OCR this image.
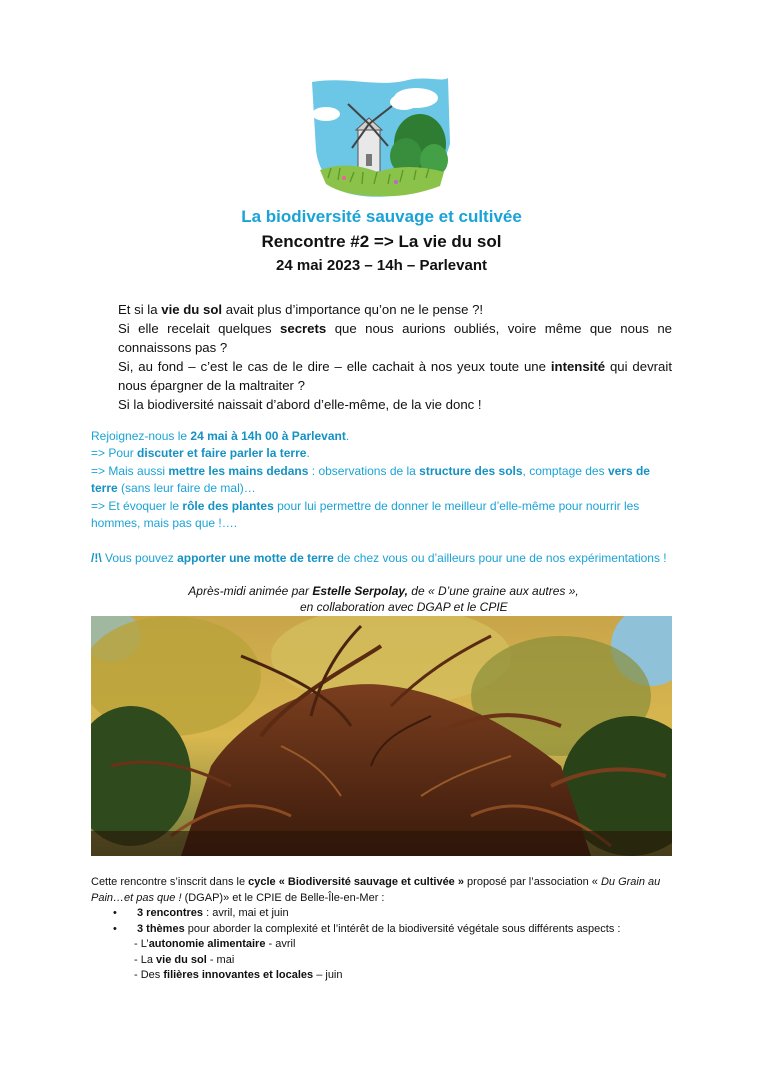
La biodiversité sauvage et cultivée
Rencontre #2 => La vie du sol
24 mai 2023 – 14h – Parlevant

Et si la vie du sol avait plus d’importance qu’on ne le pense ?!

Si elle recelait quelques secrets que nous aurions oubliés, voire même que nous ne connaissons pas ?

Si, au fond – c’est le cas de le dire – elle cachait à nos yeux toute une intensité qui devrait nous épargner de la maltraiter ?

Si la biodiversité naissait d’abord d’elle-même, de la vie donc !

Rejoignez-nous le 24 mai à 14h 00 à Parlevant.

=> Pour discuter et faire parler la terre.

=> Mais aussi mettre les mains dedans : observations de la structure des sols, comptage des vers de terre (sans leur faire de mal)…

=> Et évoquer le rôle des plantes pour lui permettre de donner le meilleur d’elle-même pour nourrir les hommes, mais pas que !….

/!\ Vous pouvez apporter une motte de terre de chez vous ou d’ailleurs pour une de nos expérimentations !

Après-midi animée par Estelle Serpolay, de « D’une graine aux autres »,
en collaboration avec DGAP et le CPIE

Cette rencontre s’inscrit dans le cycle « Biodiversité sauvage et cultivée » proposé par l’association « Du Grain au Pain…et pas que ! (DGAP)» et le CPIE de Belle-Île-en-Mer :

• 3 rencontres : avril, mai et juin

• 3 thèmes pour aborder la complexité et l’intérêt de la biodiversité végétale sous différents aspects :

- L’autonomie alimentaire - avril

- La vie du sol - mai

- Des filières innovantes et locales – juin
